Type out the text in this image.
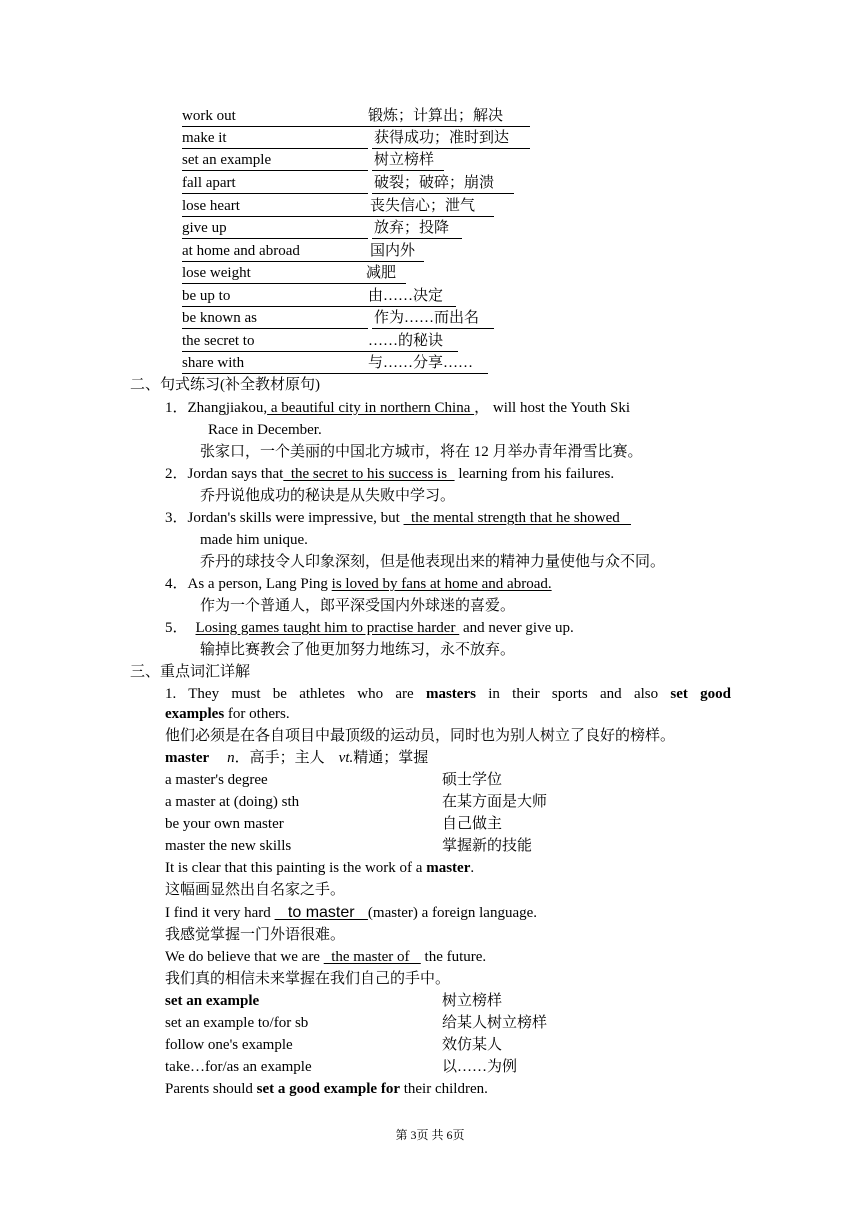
work out	锻炼；计算出；解决
make it	获得成功；准时到达
set an example	树立榜样
fall apart	破裂；破碎；崩溃
lose heart	丧失信心；泄气
give up	放弃；投降
at home and abroad	国内外
lose weight	减肥
be up to	由……决定
be known as	作为……而出名
the secret to	……的秘诀
share with	与……分享……
二、句式练习(补全教材原句)
1．Zhangjiakou, a beautiful city in northern China ， will host the Youth Ski
Race in December.
张家口，一个美丽的中国北方城市，将在 12 月举办青年滑雪比赛。
2．Jordan says that  the secret to his success is   learning from his failures.
乔丹说他成功的秘诀是从失败中学习。
3．Jordan's skills were impressive, but   the mental strength that he showed
made him unique.
乔丹的球技令人印象深刻，但是他表现出来的精神力量使他与众不同。
4．As a person, Lang Ping is loved by fans at home and abroad.
作为一个普通人，郎平深受国内外球迷的喜爱。
5． Losing games taught him to practise harder  and never give up.
输掉比赛教会了他更加努力地练习，永不放弃。
三、重点词汇详解
1. They must be athletes who are masters in their sports and also set good
examples for others.
他们必须是在各自项目中最顶级的运动员，同时也为别人树立了良好的榜样。
master n．高手；主人 vt.精通；掌握
a master's degree	硕士学位
a master at (doing) sth	在某方面是大师
be your own master	自己做主
master the new skills	掌握新的技能
It is clear that this painting is the work of a master.
这幅画显然出自名家之手。
I find it very hard    to master   (master) a foreign language.
我感觉掌握一门外语很难。
We do believe that we are   the master of    the future.
我们真的相信未来掌握在我们自己的手中。
set an example	树立榜样
set an example to/for sb	给某人树立榜样
follow one's example	效仿某人
take…for/as an example	以……为例
Parents should set a good example for their children.
第 3页 共 6页
